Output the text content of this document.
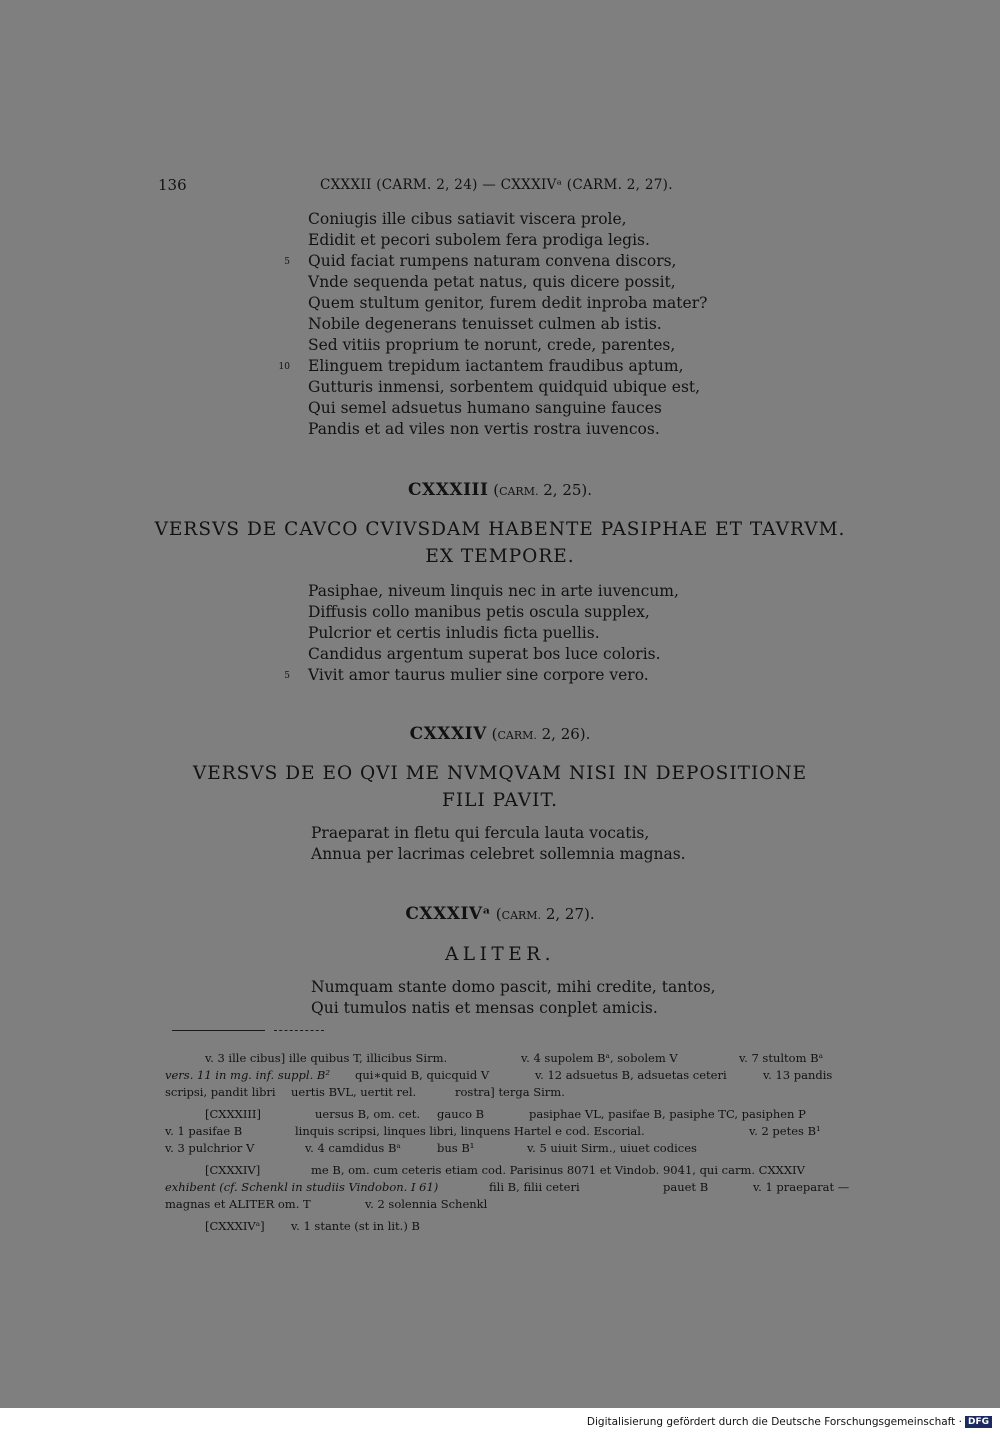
136	CXXXII (CARM. 2, 24) — CXXXIVᵃ (CARM. 2, 27).
Coniugis ille cibus satiavit viscera prole,
Edidit et pecori subolem fera prodiga legis.
5 Quid faciat rumpens naturam convena discors,
Vnde sequenda petat natus, quis dicere possit,
Quem stultum genitor, furem dedit inproba mater?
Nobile degenerans tenuisset culmen ab istis.
Sed vitiis proprium te norunt, crede, parentes,
10 Elinguem trepidum iactantem fraudibus aptum,
Gutturis inmensi, sorbentem quidquid ubique est,
Qui semel adsuetus humano sanguine fauces
Pandis et ad viles non vertis rostra iuvencos.
CXXXIII (CARM. 2, 25).
VERSVS DE CAVCO CVIVSDAM HABENTE PASIPHAE ET TAVRVM.
EX TEMPORE.
Pasiphae, niveum linquis nec in arte iuvencum,
Diffusis collo manibus petis oscula supplex,
Pulcrior et certis inludis ficta puellis.
Candidus argentum superat bos luce coloris.
5 Vivit amor taurus mulier sine corpore vero.
CXXXIV (CARM. 2, 26).
VERSVS DE EO QVI ME NVMQVAM NISI IN DEPOSITIONE
FILI PAVIT.
Praeparat in fletu qui fercula lauta vocatis,
Annua per lacrimas celebret sollemnia magnas.
CXXXIVᵃ (CARM. 2, 27).
ALITER.
Numquam stante domo pascit, mihi credite, tantos,
Qui tumulos natis et mensas conplet amicis.
v. 3 ille cibus] ille quibus T, illicibus Sirm.	v. 4 supolem Bᵃ, sobolem V	v. 7 stultom Bᵃ
vers. 11 in mg. inf. suppl. B² qui∗quid B, quicquid V	v. 12 adsuetus B, adsuetas ceteri	v. 13 pandis
scripsi, pandit libri uertis BVL, uertit rel.	rostra] terga Sirm.
[CXXXIII]	uersus B, om. cet. gauco B	pasiphae VL, pasifae B, pasiphe TC, pasiphen P
v. 1 pasifae B	linquis scripsi, linques libri, linquens Hartel e cod. Escorial.	v. 2 petes B¹
v. 3 pulchrior V	v. 4 camdidus Bᵃ	bus B¹	v. 5 uiuit Sirm., uiuet codices
[CXXXIV]	me B, om. cum ceteris etiam cod. Parisinus 8071 et Vindob. 9041, qui carm. CXXXIV
exhibent (cf. Schenkl in studiis Vindobon. I 61)	fili B, filii ceteri	pauet B	v. 1 praeparat —
magnas et ALITER om. T	v. 2 solennia Schenkl
[CXXXIVᵃ] v. 1 stante (st in lit.) B
Digitalisierung gefördert durch die Deutsche Forschungsgemeinschaft · DFG
